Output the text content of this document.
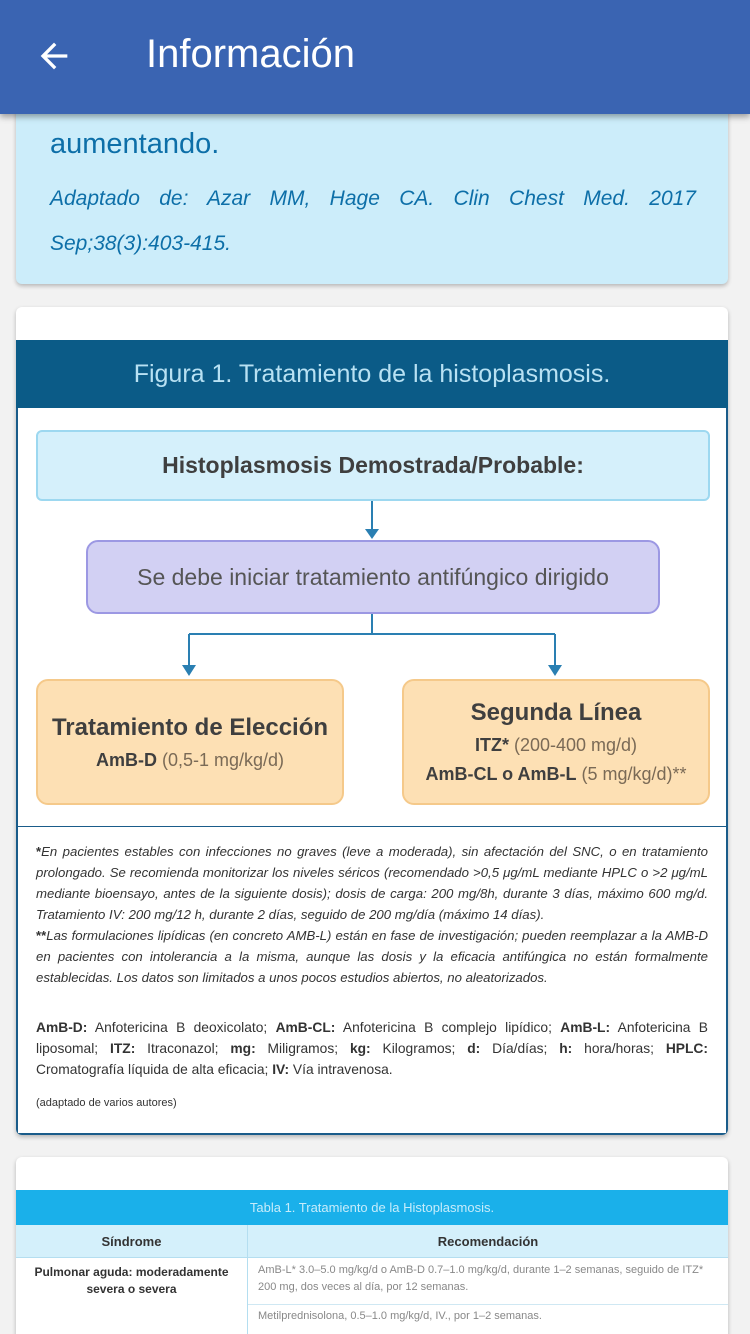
Información
aumentando.
Adaptado de: Azar MM, Hage CA. Clin Chest Med. 2017
Sep;38(3):403-415.
Figura 1. Tratamiento de la histoplasmosis.
Histoplasmosis Demostrada/Probable:
Se debe iniciar tratamiento antifúngico dirigido
Tratamiento de Elección
AmB-D (0,5-1 mg/kg/d)
Segunda Línea
ITZ* (200-400 mg/d)
AmB-CL o AmB-L (5 mg/kg/d)**

*En pacientes estables con infecciones no graves (leve a moderada), sin afectación del SNC, o en tratamiento prolongado. Se recomienda monitorizar los niveles séricos (recomendado >0,5 μg/mL mediante HPLC o >2 μg/mL mediante bioensayo, antes de la siguiente dosis); dosis de carga: 200 mg/8h, durante 3 días, máximo 600 mg/d. Tratamiento IV: 200 mg/12 h, durante 2 días, seguido de 200 mg/día (máximo 14 días).

**Las formulaciones lipídicas (en concreto AMB-L) están en fase de investigación; pueden reemplazar a la AMB-D en pacientes con intolerancia a la misma, aunque las dosis y la eficacia antifúngica no están formalmente establecidas. Los datos son limitados a unos pocos estudios abiertos, no aleatorizados.

AmB-D: Anfotericina B deoxicolato; AmB-CL: Anfotericina B complejo lipídico; AmB-L: Anfotericina B liposomal; ITZ: Itraconazol; mg: Miligramos; kg: Kilogramos; d: Día/días; h: hora/horas; HPLC: Cromatografía líquida de alta eficacia; IV: Vía intravenosa.
(adaptado de varios autores)
Tabla 1. Tratamiento de la Histoplasmosis.
Síndrome	Recomendación
Pulmonar aguda: moderadamente severa o severa
AmB-L* 3.0–5.0 mg/kg/d o AmB-D 0.7–1.0 mg/kg/d, durante 1–2 semanas, seguido de ITZ* 200 mg, dos veces al día, por 12 semanas.
Metilprednisolona, 0.5–1.0 mg/kg/d, IV., por 1–2 semanas.
